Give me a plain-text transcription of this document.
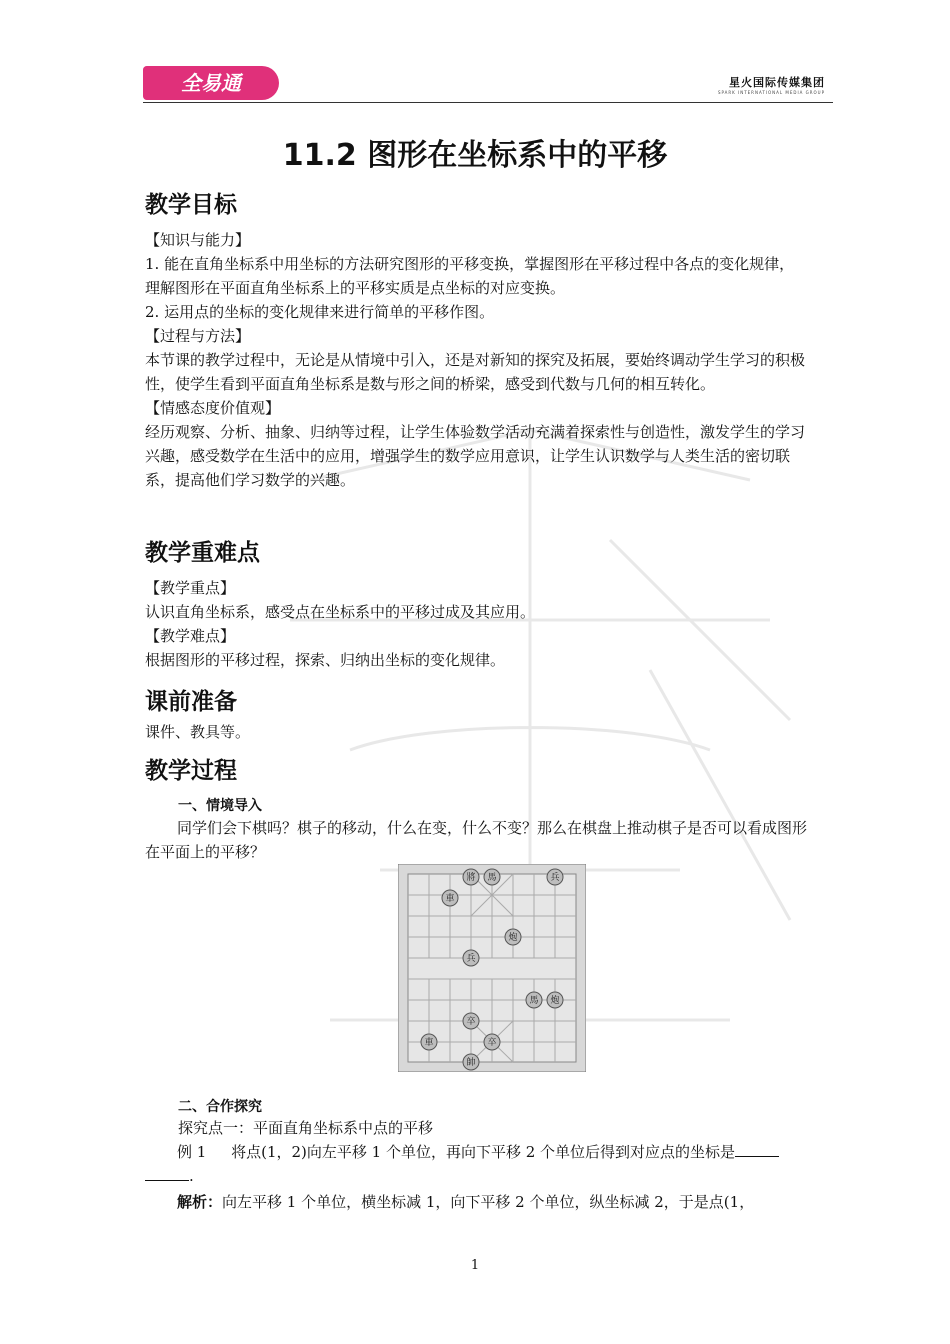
全易通	星火国际传媒集团
SPARK INTERNATIONAL MEDIA GROUP
11.2 图形在坐标系中的平移
教学目标
【知识与能力】
1. 能在直角坐标系中用坐标的方法研究图形的平移变换，掌握图形在平移过程中各点的变化规律，理解图形在平面直角坐标系上的平移实质是点坐标的对应变换。
2. 运用点的坐标的变化规律来进行简单的平移作图。
【过程与方法】
本节课的教学过程中，无论是从情境中引入，还是对新知的探究及拓展，要始终调动学生学习的积极性，使学生看到平面直角坐标系是数与形之间的桥梁，感受到代数与几何的相互转化。
【情感态度价值观】
经历观察、分析、抽象、归纳等过程，让学生体验数学活动充满着探索性与创造性，激发学生的学习兴趣，感受数学在生活中的应用，增强学生的数学应用意识，让学生认识数学与人类生活的密切联系，提高他们学习数学的兴趣。
教学重难点
【教学重点】
认识直角坐标系，感受点在坐标系中的平移过成及其应用。
【教学难点】
根据图形的平移过程，探索、归纳出坐标的变化规律。
课前准备
课件、教具等。
教学过程
一、情境导入
同学们会下棋吗？棋子的移动，什么在变，什么不变？那么在棋盘上推动棋子是否可以看成图形在平面上的平移？
將 馬	兵
車
炮
兵
馬 炮
卒
車	卒
帥
二、合作探究
探究点一：平面直角坐标系中点的平移
例 1 将点(1，2)向左平移 1 个单位，再向下平移 2 个单位后得到对应点的坐标是
.
解析：向左平移 1 个单位，横坐标减 1，向下平移 2 个单位，纵坐标减 2，于是点(1，
1
